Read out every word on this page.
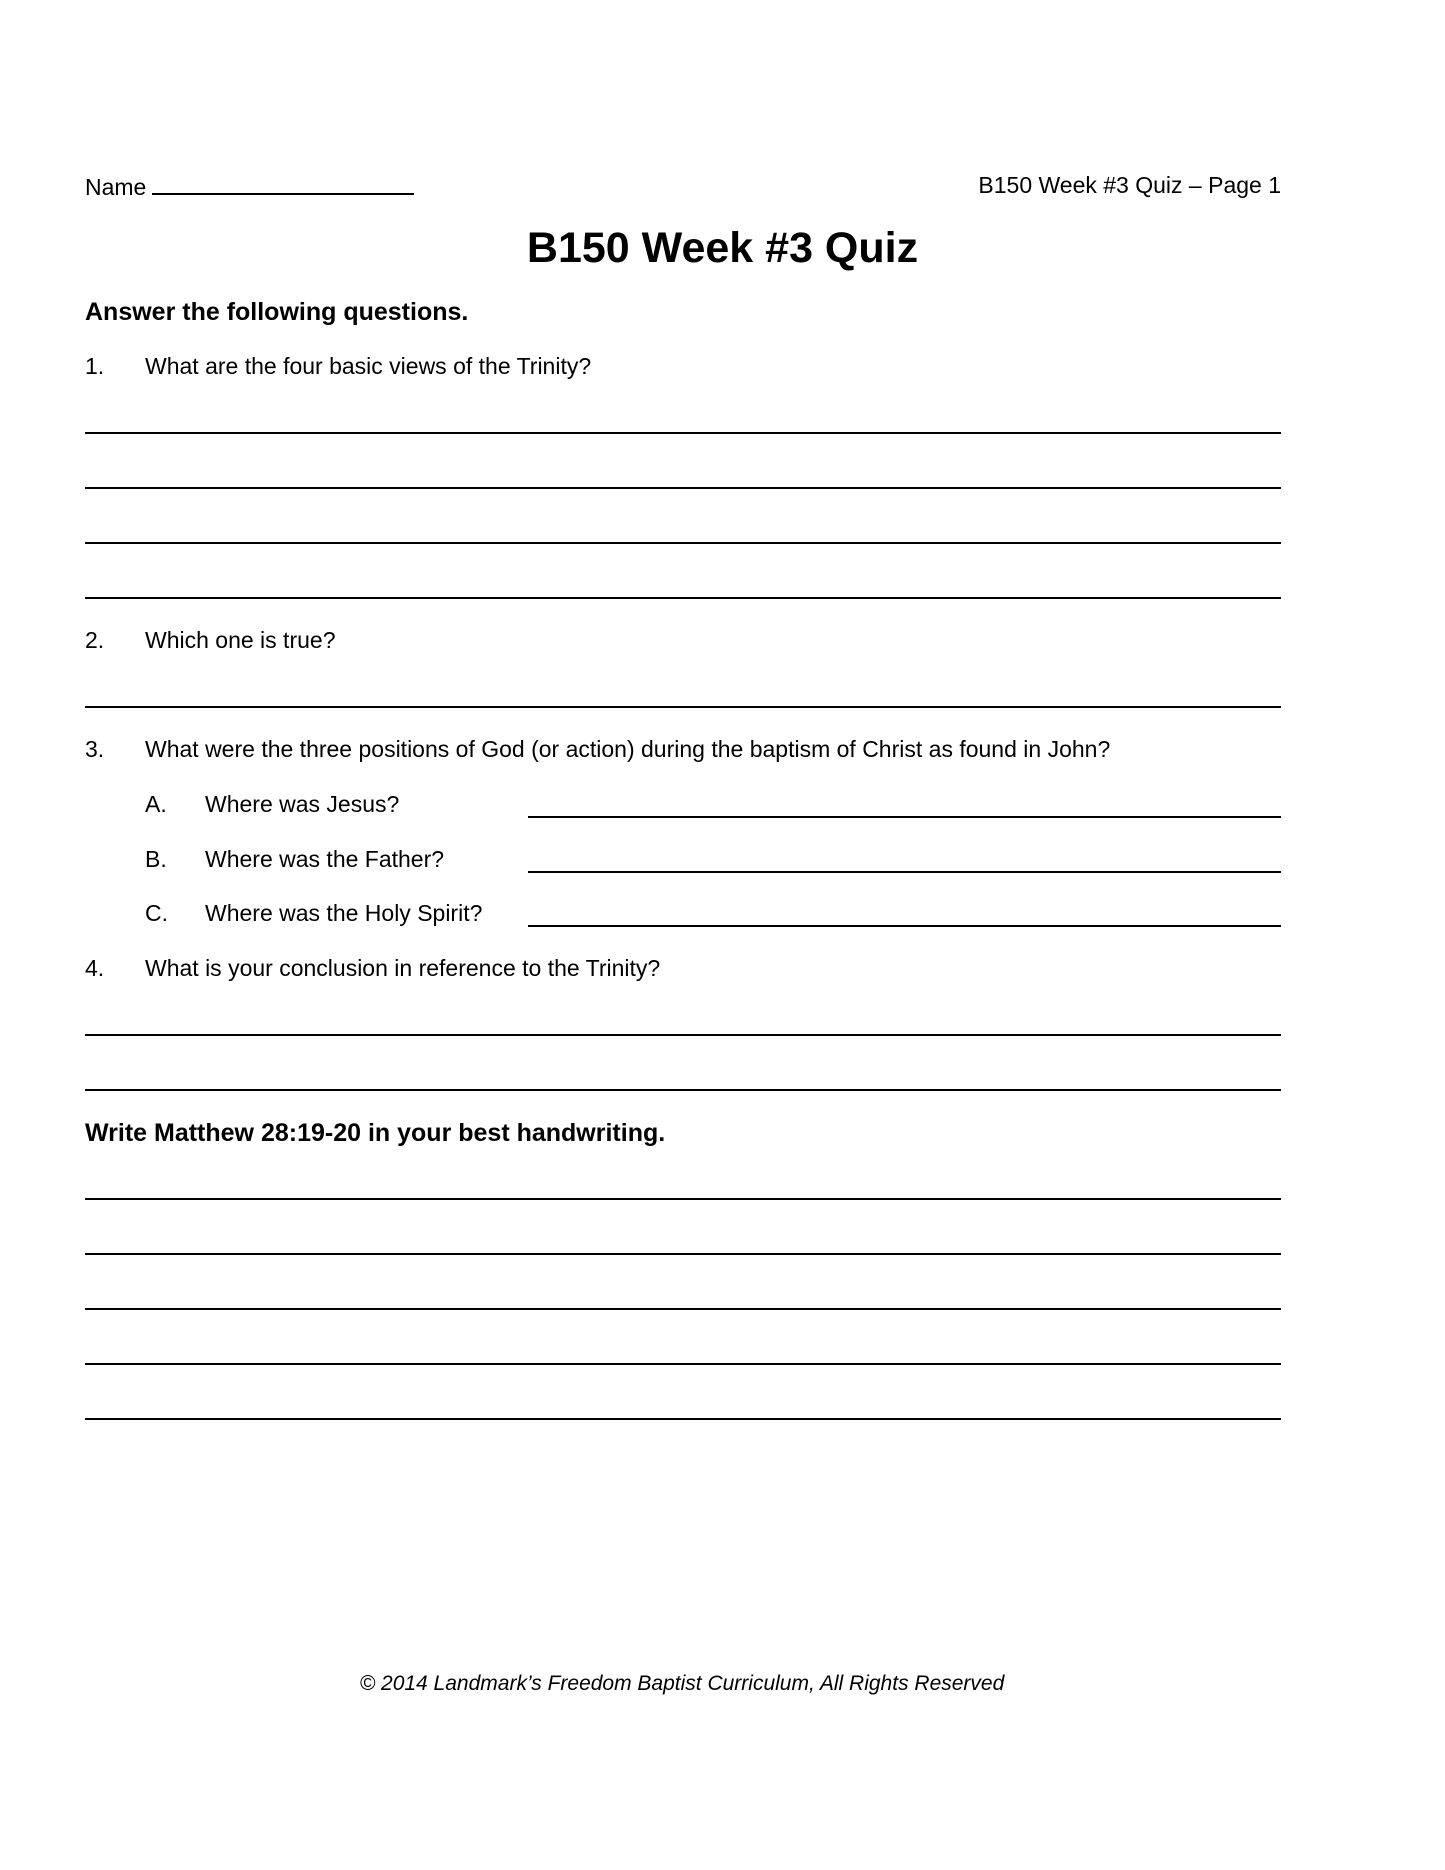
Name	B150 Week #3 Quiz – Page 1
B150 Week #3 Quiz
Answer the following questions.
1. What are the four basic views of the Trinity?
2. Which one is true?
3. What were the three positions of God (or action) during the baptism of Christ as found in John?
A. Where was Jesus?
B. Where was the Father?
C. Where was the Holy Spirit?
4. What is your conclusion in reference to the Trinity?
Write Matthew 28:19-20 in your best handwriting.
© 2014 Landmark’s Freedom Baptist Curriculum, All Rights Reserved
